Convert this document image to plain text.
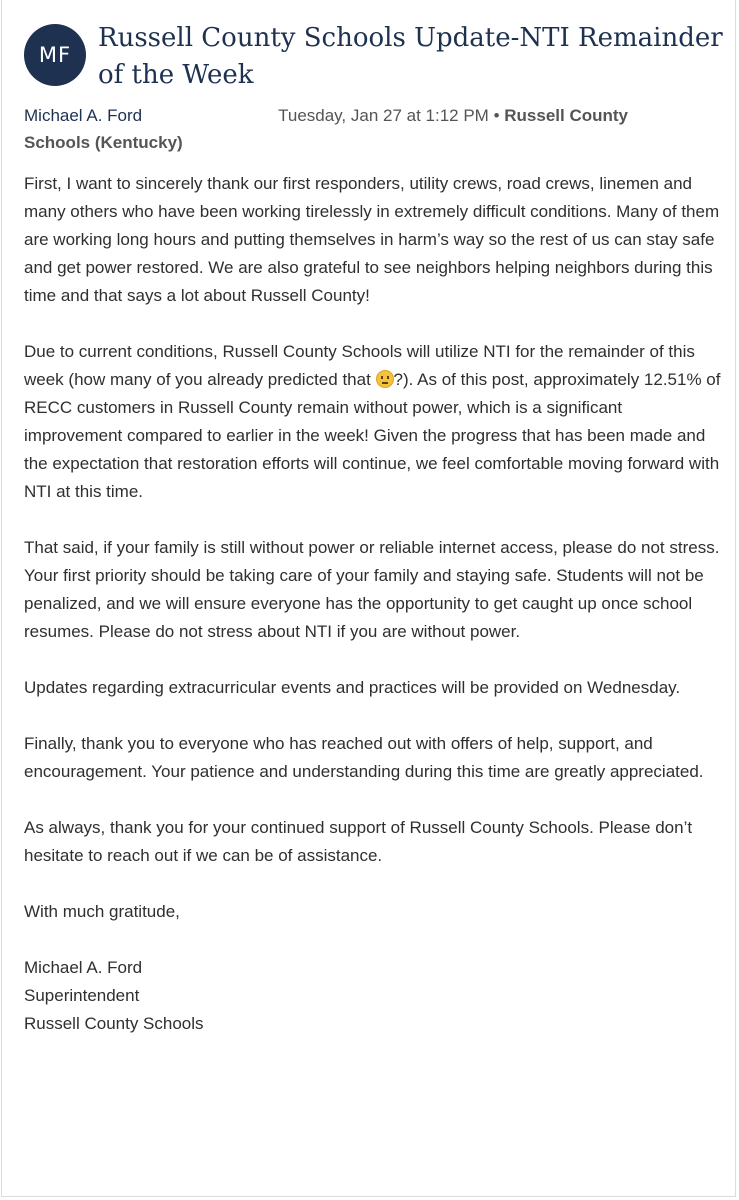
MF
Russell County Schools Update-NTI Remainder of the Week
Michael A. Ford	Tuesday, Jan 27 at 1:12 PM • Russell County
Schools (Kentucky)

First, I want to sincerely thank our first responders, utility crews, road crews, linemen and many others who have been working tirelessly in extremely difficult conditions. Many of them are working long hours and putting themselves in harm’s way so the rest of us can stay safe and get power restored. We are also grateful to see neighbors helping neighbors during this time and that says a lot about Russell County!

Due to current conditions, Russell County Schools will utilize NTI for the remainder of this week (how many of you already predicted that ?). As of this post, approximately 12.51% of RECC customers in Russell County remain without power, which is a significant improvement compared to earlier in the week! Given the progress that has been made and the expectation that restoration efforts will continue, we feel comfortable moving forward with NTI at this time.

That said, if your family is still without power or reliable internet access, please do not stress. Your first priority should be taking care of your family and staying safe. Students will not be penalized, and we will ensure everyone has the opportunity to get caught up once school resumes. Please do not stress about NTI if you are without power.

Updates regarding extracurricular events and practices will be provided on Wednesday.

Finally, thank you to everyone who has reached out with offers of help, support, and encouragement. Your patience and understanding during this time are greatly appreciated.

As always, thank you for your continued support of Russell County Schools. Please don’t hesitate to reach out if we can be of assistance.

With much gratitude,

Michael A. Ford

Superintendent

Russell County Schools
